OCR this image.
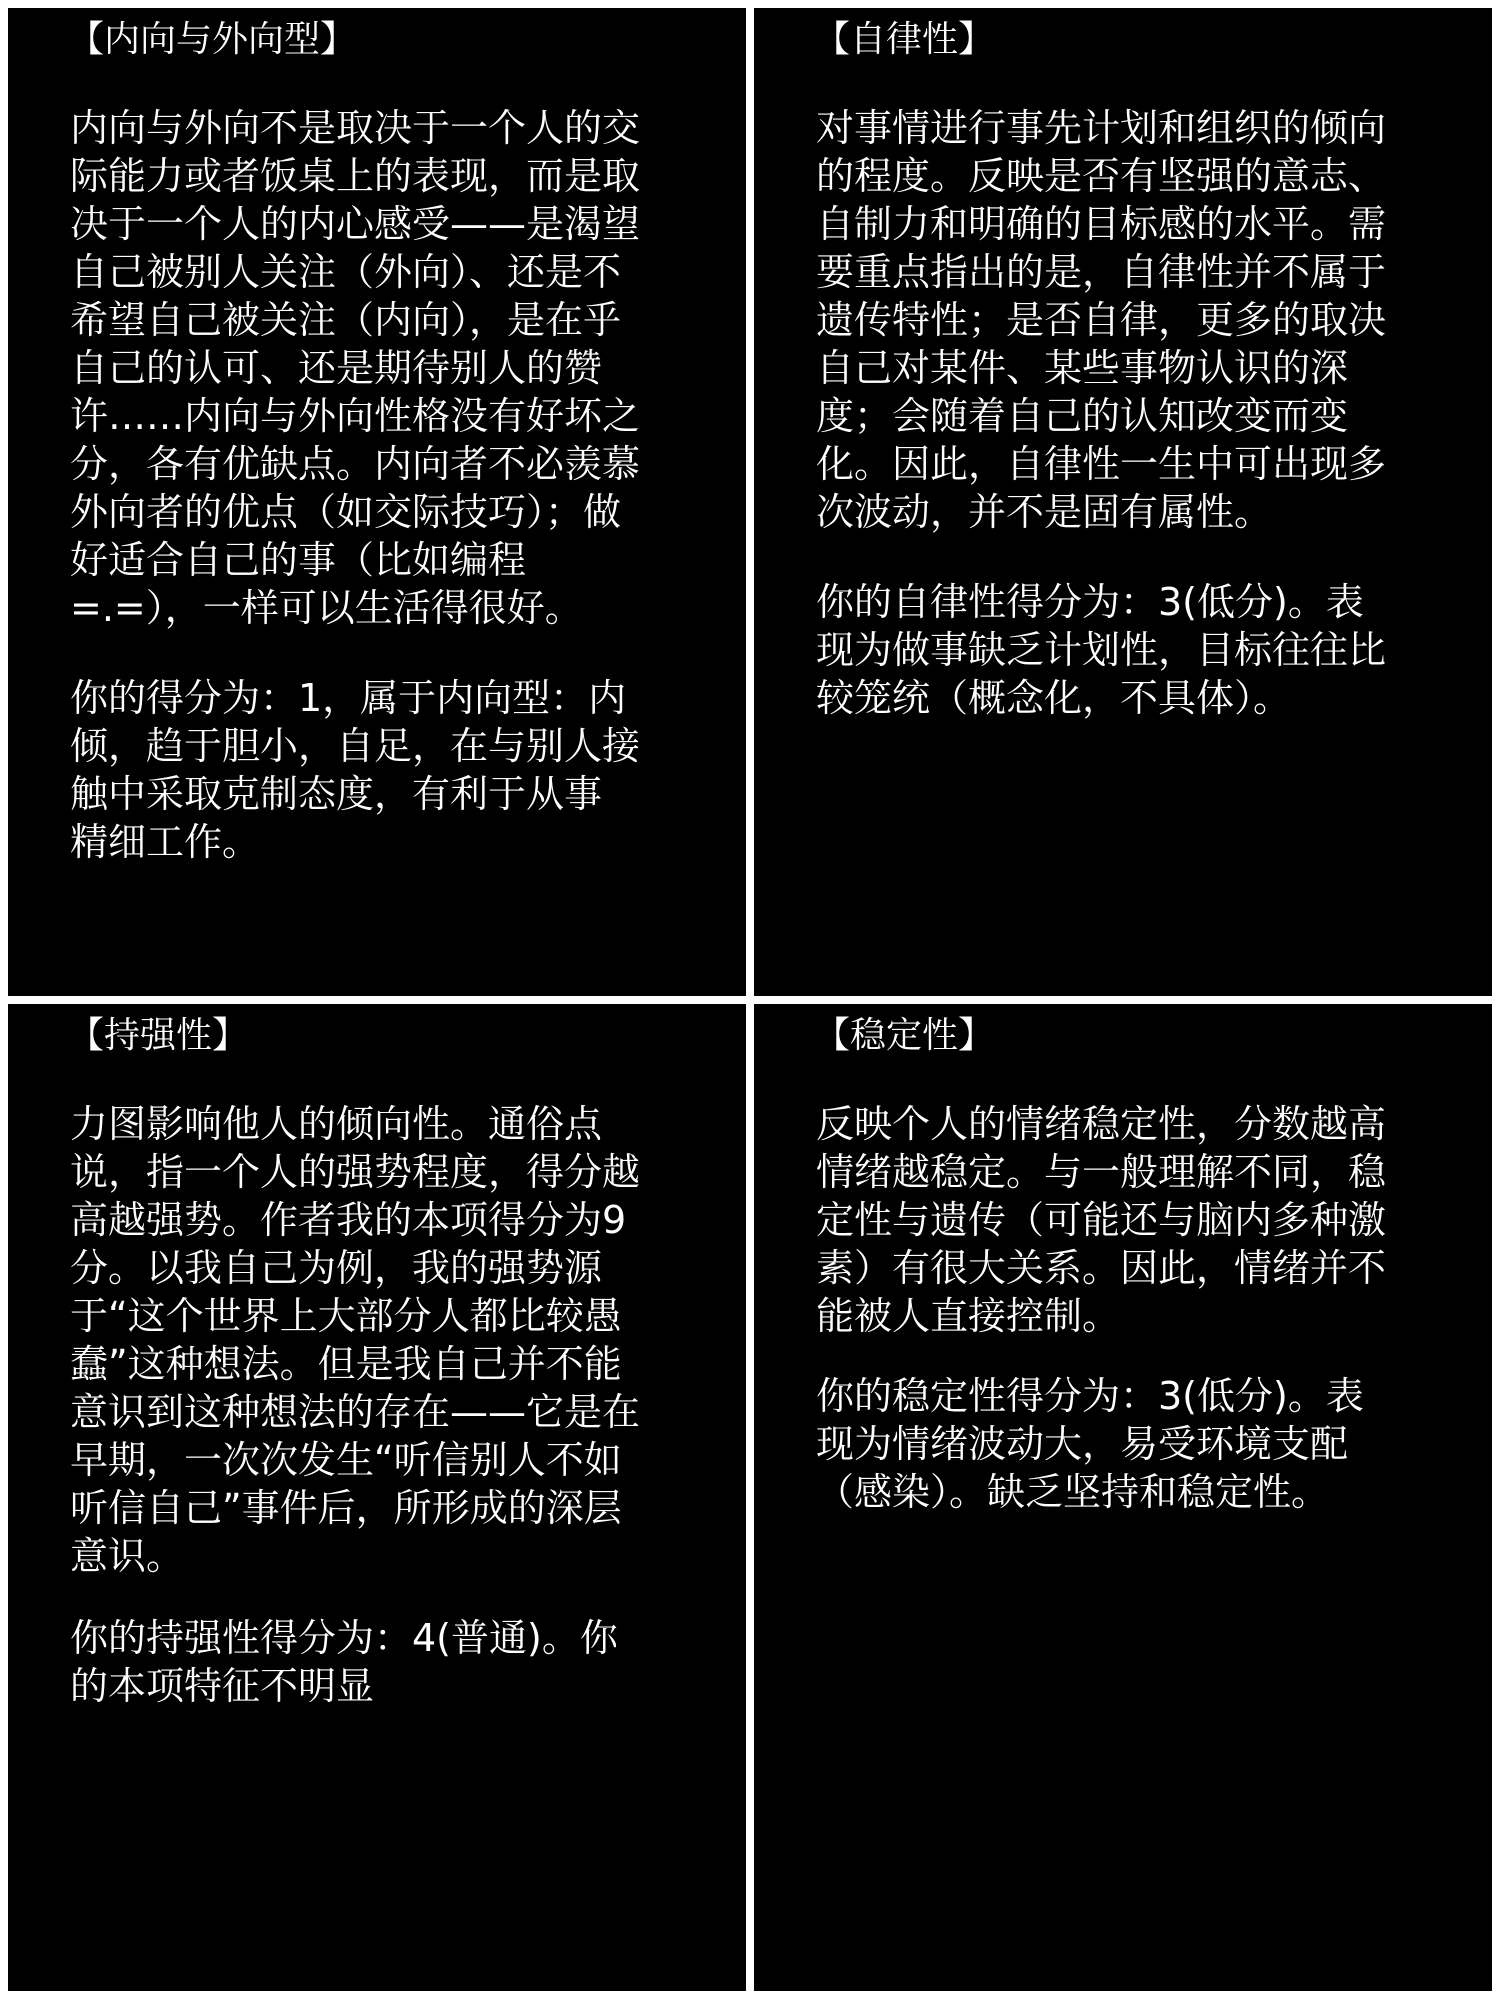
【内向与外向型】

内向与外向不是取决于一个人的交
际能力或者饭桌上的表现，而是取
决于一个人的内心感受——是渴望
自己被别人关注（外向）、还是不
希望自己被关注（内向），是在乎
自己的认可、还是期待别人的赞
许……内向与外向性格没有好坏之
分，各有优缺点。内向者不必羡慕
外向者的优点（如交际技巧）；做
好适合自己的事（比如编程
=.=），一样可以生活得很好。

你的得分为：1，属于内向型：内
倾，趋于胆小，自足，在与别人接
触中采取克制态度，有利于从事
精细工作。

【自律性】

对事情进行事先计划和组织的倾向
的程度。反映是否有坚强的意志、
自制力和明确的目标感的水平。需
要重点指出的是，自律性并不属于
遗传特性；是否自律，更多的取决
自己对某件、某些事物认识的深
度；会随着自己的认知改变而变
化。因此，自律性一生中可出现多
次波动，并不是固有属性。

你的自律性得分为：3(低分)。表
现为做事缺乏计划性，目标往往比
较笼统（概念化，不具体）。

【持强性】

力图影响他人的倾向性。通俗点
说，指一个人的强势程度，得分越
高越强势。作者我的本项得分为9
分。以我自己为例，我的强势源
于“这个世界上大部分人都比较愚
蠢”这种想法。但是我自己并不能
意识到这种想法的存在——它是在
早期，一次次发生“听信别人不如
听信自己”事件后，所形成的深层
意识。

你的持强性得分为：4(普通)。你
的本项特征不明显

【稳定性】

反映个人的情绪稳定性，分数越高
情绪越稳定。与一般理解不同，稳
定性与遗传（可能还与脑内多种激
素）有很大关系。因此，情绪并不
能被人直接控制。

你的稳定性得分为：3(低分)。表
现为情绪波动大，易受环境支配
（感染）。缺乏坚持和稳定性。
